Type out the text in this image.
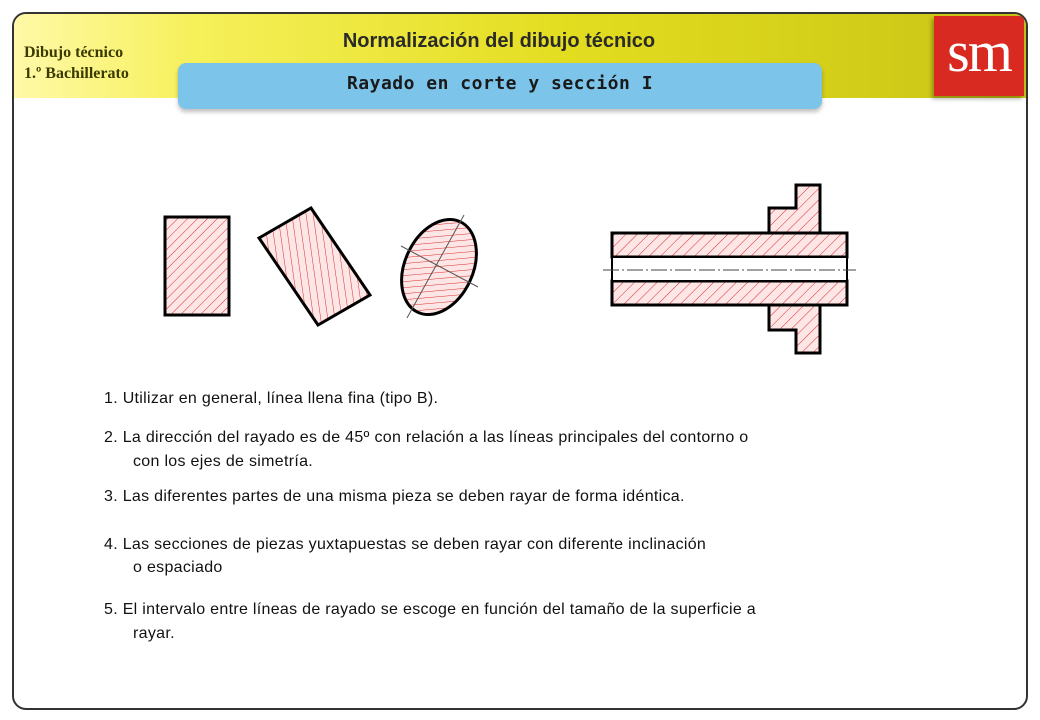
Dibujo técnico
1.º Bachillerato
Normalización del dibujo técnico	sm
Rayado en corte y sección I
1. Utilizar en general, línea llena fina (tipo B).
2. La dirección del rayado es de 45º con relación a las líneas principales del contorno o
con los ejes de simetría.
3. Las diferentes partes de una misma pieza se deben rayar de forma idéntica.
4. Las secciones de piezas yuxtapuestas se deben rayar con diferente inclinación
o espaciado
5. El intervalo entre líneas de rayado se escoge en función del tamaño de la superficie a
rayar.
